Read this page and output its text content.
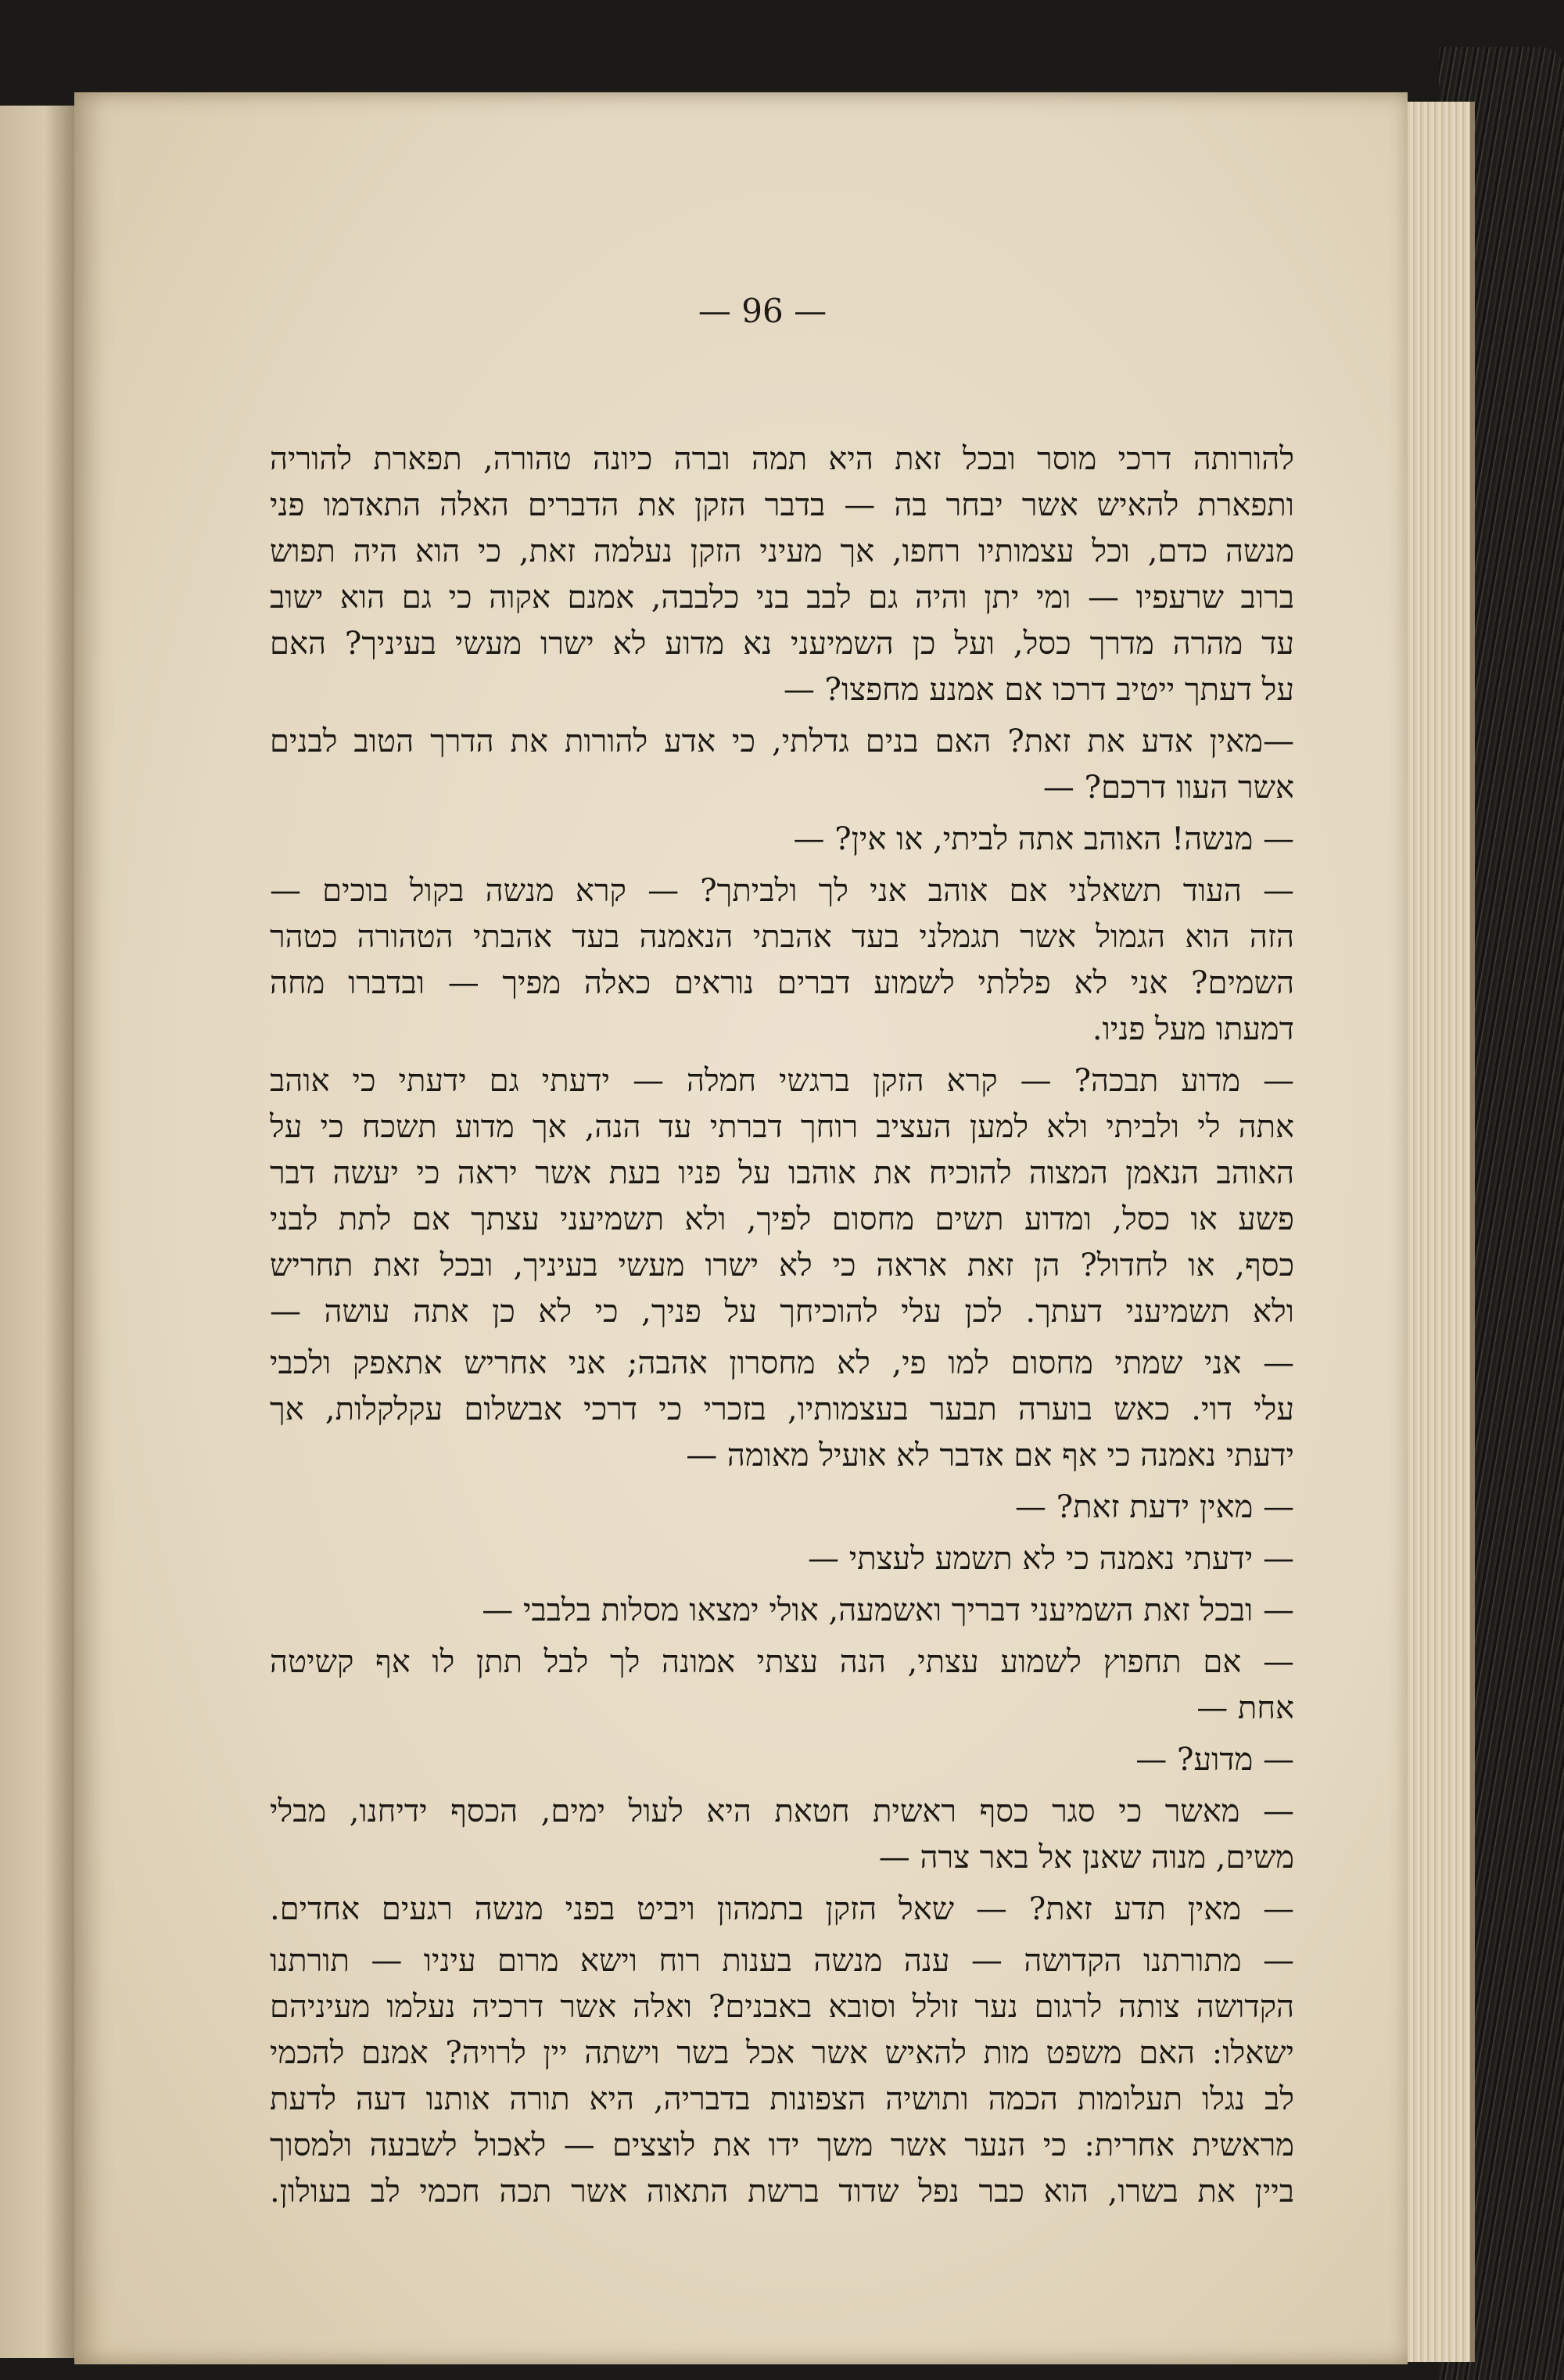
— 96 —
להורותה דרכי מוסר ובכל זאת היא תמה וברה כיונה טהורה, תפארת להוריה
ותפארת להאיש אשר יבחר בה — בדבר הזקן את הדברים האלה התאדמו פני
מנשה כדם, וכל עצמותיו רחפו, אך מעיני הזקן נעלמה זאת, כי הוא היה תפוש
ברוב שרעפיו — ומי יתן והיה גם לבב בני כלבבה, אמנם אקוה כי גם הוא ישוב
עד מהרה מדרך כסל, ועל כן השמיעני נא מדוע לא ישרו מעשי בעיניך? האם
על דעתך ייטיב דרכו אם אמנע מחפצו? —
—מאין אדע את זאת? האם בנים גדלתי, כי אדע להורות את הדרך הטוב לבנים
אשר העוו דרכם? —
— מנשה! האוהב אתה לביתי, או אין? —
— העוד תשאלני אם אוהב אני לך ולביתך? — קרא מנשה בקול בוכים —
הזה הוא הגמול אשר תגמלני בעד אהבתי הנאמנה בעד אהבתי הטהורה כטהר
השמים? אני לא פללתי לשמוע דברים נוראים כאלה מפיך — ובדברו מחה
דמעתו מעל פניו.
— מדוע תבכה? — קרא הזקן ברגשי חמלה — ידעתי גם ידעתי כי אוהב
אתה לי ולביתי ולא למען העציב רוחך דברתי עד הנה, אך מדוע תשכח כי על
האוהב הנאמן המצוה להוכיח את אוהבו על פניו בעת אשר יראה כי יעשה דבר
פשע או כסל, ומדוע תשים מחסום לפיך, ולא תשמיעני עצתך אם לתת לבני
כסף, או לחדול? הן זאת אראה כי לא ישרו מעשי בעיניך, ובכל זאת תחריש
ולא תשמיעני דעתך. לכן עלי להוכיחך על פניך, כי לא כן אתה עושה —
— אני שמתי מחסום למו פי, לא מחסרון אהבה; אני אחריש אתאפק ולכבי
עלי דוי. כאש בוערה תבער בעצמותיו, בזכרי כי דרכי אבשלום עקלקלות, אך
ידעתי נאמנה כי אף אם אדבר לא אועיל מאומה —
— מאין ידעת זאת? —
— ידעתי נאמנה כי לא תשמע לעצתי —
— ובכל זאת השמיעני דבריך ואשמעה, אולי ימצאו מסלות בלבבי —
— אם תחפוץ לשמוע עצתי, הנה עצתי אמונה לך לבל תתן לו אף קשיטה
אחת —
— מדוע? —
— מאשר כי סגר כסף ראשית חטאת היא לעול ימים, הכסף ידיחנו, מבלי
משים, מנוה שאנן אל באר צרה —
— מאין תדע זאת? — שאל הזקן בתמהון ויביט בפני מנשה רגעים אחדים.
— מתורתנו הקדושה — ענה מנשה בענות רוח וישא מרום עיניו — תורתנו
הקדושה צותה לרגום נער זולל וסובא באבנים? ואלה אשר דרכיה נעלמו מעיניהם
ישאלו: האם משפט מות להאיש אשר אכל בשר וישתה יין לרויה? אמנם להכמי
לב נגלו תעלומות הכמה ותושיה הצפונות בדבריה, היא תורה אותנו דעה לדעת
מראשית אחרית: כי הנער אשר משך ידו את לוצצים — לאכול לשבעה ולמסוך
ביין את בשרו, הוא כבר נפל שדוד ברשת התאוה אשר תכה חכמי לב בעולון.
